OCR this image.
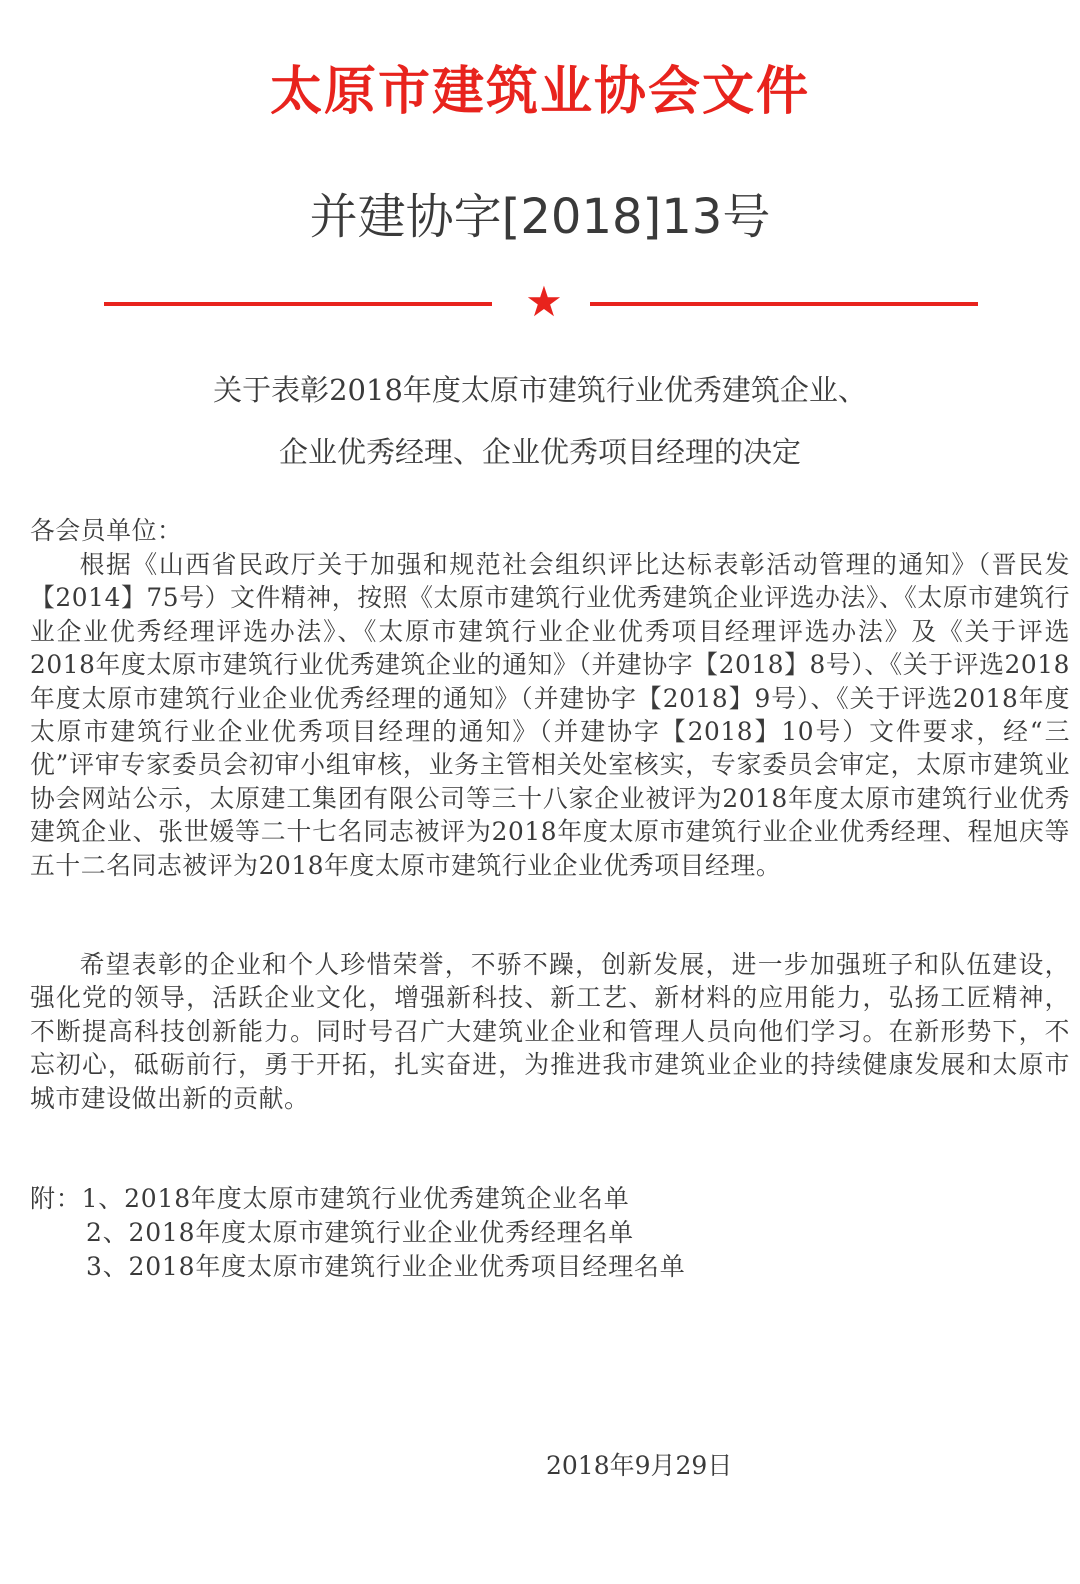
太原市建筑业协会文件
并建协字[2018]13号
★
关于表彰2018年度太原市建筑行业优秀建筑企业、
企业优秀经理、企业优秀项目经理的决定
各会员单位：
根据《山西省民政厅关于加强和规范社会组织评比达标表彰活动管理的通知》（晋民发【2014】75号）文件精神，按照《太原市建筑行业优秀建筑企业评选办法》、《太原市建筑行业企业优秀经理评选办法》、《太原市建筑行业企业优秀项目经理评选办法》及《关于评选2018年度太原市建筑行业优秀建筑企业的通知》（并建协字【2018】8号）、《关于评选2018年度太原市建筑行业企业优秀经理的通知》（并建协字【2018】9号）、《关于评选2018年度太原市建筑行业企业优秀项目经理的通知》（并建协字【2018】10号）文件要求，经“三优”评审专家委员会初审小组审核，业务主管相关处室核实，专家委员会审定，太原市建筑业协会网站公示，太原建工集团有限公司等三十八家企业被评为2018年度太原市建筑行业优秀建筑企业、张世媛等二十七名同志被评为2018年度太原市建筑行业企业优秀经理、程旭庆等五十二名同志被评为2018年度太原市建筑行业企业优秀项目经理。
希望表彰的企业和个人珍惜荣誉，不骄不躁，创新发展，进一步加强班子和队伍建设，强化党的领导，活跃企业文化，增强新科技、新工艺、新材料的应用能力，弘扬工匠精神，不断提高科技创新能力。同时号召广大建筑业企业和管理人员向他们学习。在新形势下，不忘初心，砥砺前行，勇于开拓，扎实奋进，为推进我市建筑业企业的持续健康发展和太原市城市建设做出新的贡献。
附：1、2018年度太原市建筑行业优秀建筑企业名单
2、2018年度太原市建筑行业企业优秀经理名单
3、2018年度太原市建筑行业企业优秀项目经理名单
2018年9月29日
